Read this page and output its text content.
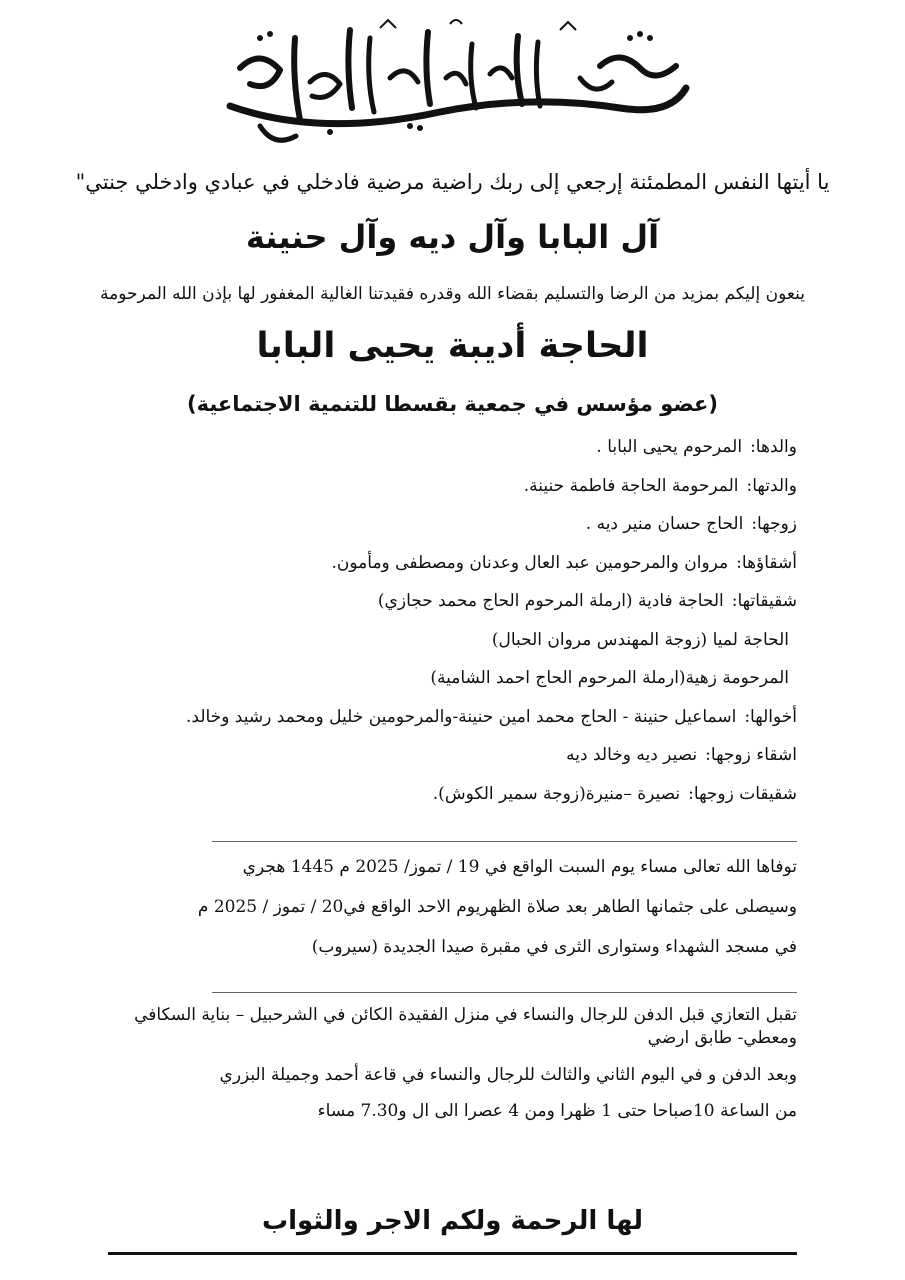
يا أيتها النفس المطمئنة إرجعي إلى ربك راضية مرضية فادخلي في عبادي وادخلي جنتي"
آل البابا وآل ديه وآل حنينة
ينعون إليكم بمزيد من الرضا والتسليم بقضاء الله وقدره فقيدتنا الغالية المغفور لها بإذن الله المرحومة
الحاجة أديبة يحيى البابا
(عضو مؤسس في جمعية بقسطا للتنمية الاجتماعية)
والدها:المرحوم يحيى البابا .
والدتها:المرحومة الحاجة فاطمة حنينة.
زوجها:الحاج حسان منير ديه .
أشقاؤها:مروان والمرحومين عبد العال وعدنان ومصطفى ومأمون.
شقيقاتها:الحاجة فادية (ارملة المرحوم الحاج محمد حجازي)
الحاجة لميا (زوجة المهندس مروان الحبال)
المرحومة زهية(ارملة المرحوم الحاج احمد الشامية)
أخوالها:اسماعيل حنينة - الحاج محمد امين حنينة-والمرحومين خليل ومحمد رشيد وخالد.
اشقاء زوجها:نصير ديه وخالد ديه
شقيقات زوجها:نصيرة –منيرة(زوجة سمير الكوش).
توفاها الله تعالى مساء يوم السبت الواقع في 19 / تموز/ 2025 م 1445 هجري
وسيصلى على جثمانها الطاهر بعد صلاة الظهريوم الاحد الواقع في20 / تموز / 2025 م
في مسجد الشهداء وستوارى الثرى في مقبرة صيدا الجديدة (سيروب)
تقبل التعازي قبل الدفن للرجال والنساء في منزل الفقيدة الكائن في الشرحبيل – بناية السكافي ومعطي- طابق ارضي
وبعد الدفن و في اليوم الثاني والثالث للرجال والنساء في قاعة أحمد وجميلة البزري
من الساعة 10صباحا حتى 1 ظهرا ومن 4 عصرا الى ال و7.30 مساء
لها الرحمة ولكم الاجر والثواب
